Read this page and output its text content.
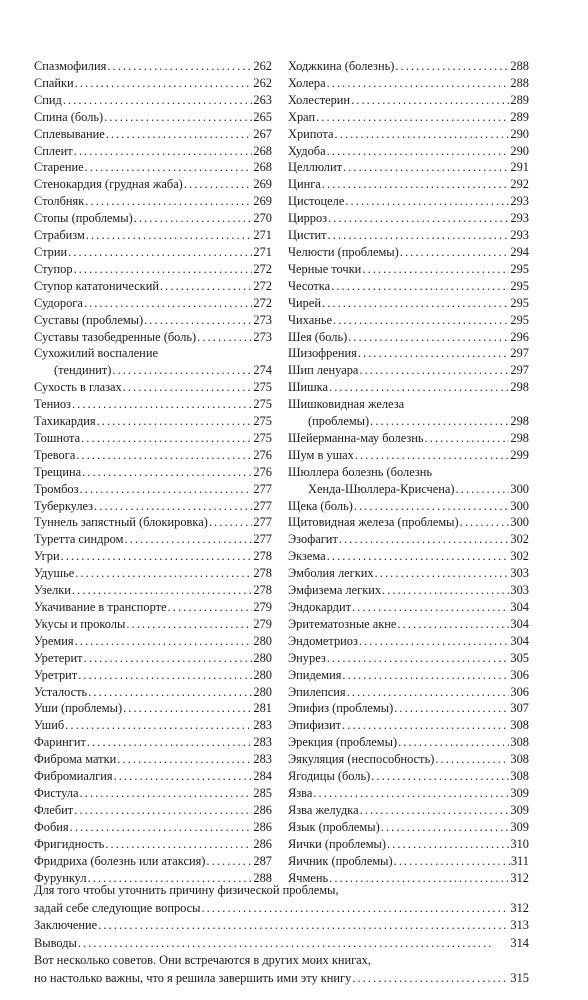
Спазмофилия . . .	262
Спайки . . .	262
Спид . . .	263
Спина (боль) . . .	265
Сплевывание . . .	267
Сплеит . . .	268
Старение . . .	268
Стенокардия (грудная жаба) . . .	269
Столбняк . . .	269
Стопы (проблемы) . . .	270
Страбизм . . .	271
Стрии . . .	271
Ступор . . .	272
Ступор кататонический . . .	272
Судорога . . .	272
Суставы (проблемы) . . .	273
Суставы тазобедренные (боль) . . .	273
Сухожилий воспаление
(тендинит) . . .	274
Сухость в глазах . . .	275
Тениоз . . .	275
Тахикардия . . .	275
Тошнота . . .	275
Тревога . . .	276
Трещина . . .	276
Тромбоз . . .	277
Туберкулез . . .	277
Туннель запястный (блокировка) . . .	277
Туретта синдром . . .	277
Угри . . .	278
Удушье . . .	278
Узелки . . .	278
Укачивание в транспорте . . .	279
Укусы и проколы . . .	279
Уремия . . .	280
Уретерит . . .	280
Уретрит . . .	280
Усталость . . .	280
Уши (проблемы) . . .	281
Ушиб . . .	283
Фарингит . . .	283
Фиброма матки . . .	283
Фибромиалгия . . .	284
Фистула . . .	285
Флебит . . .	286
Фобия . . .	286
Фригидность . . .	286
Фридриха (болезнь или атаксия) . . .	287
Фурункул . . .	288
Ходжкина (болезнь) . . .	288
Холера . . .	288
Холестерин . . .	289
Храп . . .	289
Хрипота . . .	290
Худоба . . .	290
Целлюлит . . .	291
Цинга . . .	292
Цистоцеле . . .	293
Цирроз . . .	293
Цистит . . .	293
Челюсти (проблемы) . . .	294
Черные точки . . .	295
Чесотка . . .	295
Чирей . . .	295
Чиханье . . .	295
Шея (боль) . . .	296
Шизофрения . . .	297
Шип ленуара . . .	297
Шишка . . .	298
Шишковидная железа
(проблемы) . . .	298
Шейерманна-мау болезнь . . .	298
Шум в ушах . . .	299
Шюллера болезнь (болезнь
Хенда-Шюллера-Крисчена) . . .	300
Щека (боль) . . .	300
Щитовидная железа (проблемы) . . .	300
Эзофагит . . .	302
Экзема . . .	302
Эмболия легких . . .	303
Эмфизема легких . . .	303
Эндокардит . . .	304
Эритематозные акне . . .	304
Эндометриоз . . .	304
Энурез . . .	305
Эпидемия . . .	306
Эпилепсия . . .	306
Эпифиз (проблемы) . . .	307
Эпифизит . . .	308
Эрекция (проблемы) . . .	308
Эякуляция (неспособность) . . .	308
Ягодицы (боль) . . .	308
Язва . . .	309
Язва желудка . . .	309
Язык (проблемы) . . .	309
Яички (проблемы) . . .	310
Яичник (проблемы) . . .	311
Ячмень . . .	312
Для того чтобы уточнить причину физической проблемы,
задай себе следующие вопросы . . .	312
Заключение . . .	313
Выводы . . .	314
Вот несколько советов. Они встречаются в других моих книгах,
но настолько важны, что я решила завершить ими эту книгу . . .	315
